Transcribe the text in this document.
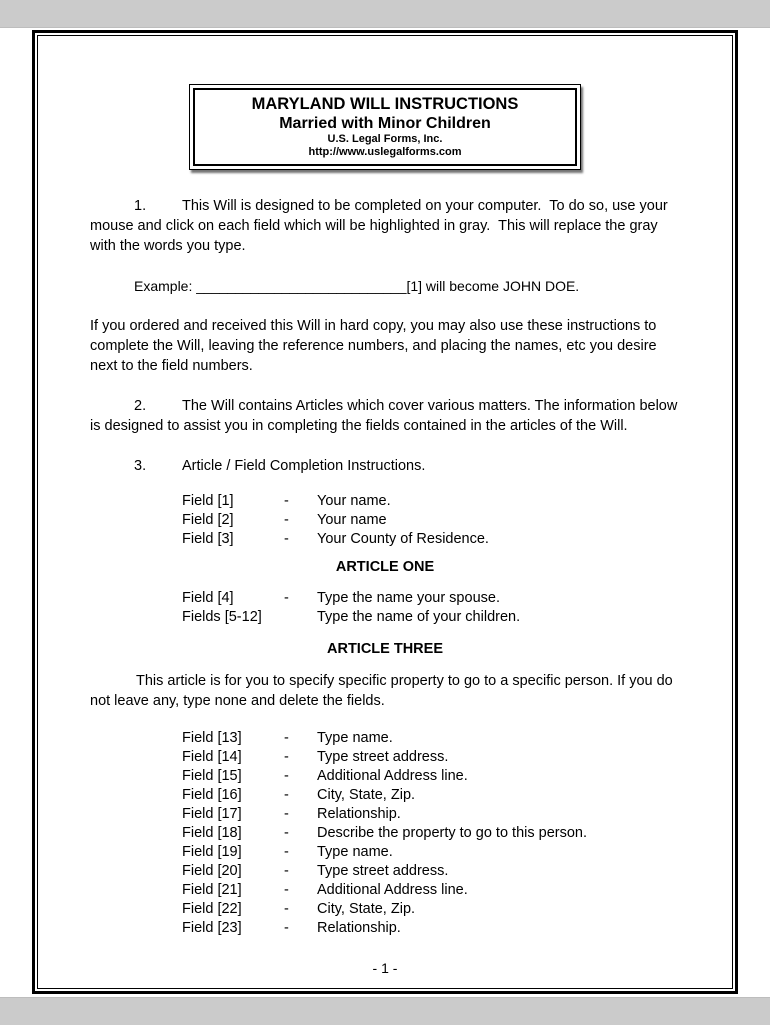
MARYLAND WILL INSTRUCTIONS
Married with Minor Children
U.S. Legal Forms, Inc.
http://www.uslegalforms.com

1. This Will is designed to be completed on your computer.  To do so, use your mouse and click on each field which will be highlighted in gray.  This will replace the gray with the words you type.

Example: ___________________________[1] will become JOHN DOE.

If you ordered and received this Will in hard copy, you may also use these instructions to complete the Will, leaving the reference numbers, and placing the names, etc you desire next to the field numbers.

2. The Will contains Articles which cover various matters. The information below is designed to assist you in completing the fields contained in the articles of the Will.

3. Article / Field Completion Instructions.

Field [1]	-	Your name.
Field [2]	-	Your name
Field [3]	-	Your County of Residence.
ARTICLE ONE
Field [4]	-	Type the name your spouse.
Fields [5-12]	Type the name of your children.
ARTICLE THREE

This article is for you to specify specific property to go to a specific person. If you do not leave any, type none and delete the fields.

Field [13]	-	Type name.
Field [14]	-	Type street address.
Field [15]	-	Additional Address line.
Field [16]	-	City, State, Zip.
Field [17]	-	Relationship.
Field [18]	-	Describe the property to go to this person.
Field [19]	-	Type name.
Field [20]	-	Type street address.
Field [21]	-	Additional Address line.
Field [22]	-	City, State, Zip.
Field [23]	-	Relationship.
- 1 -
